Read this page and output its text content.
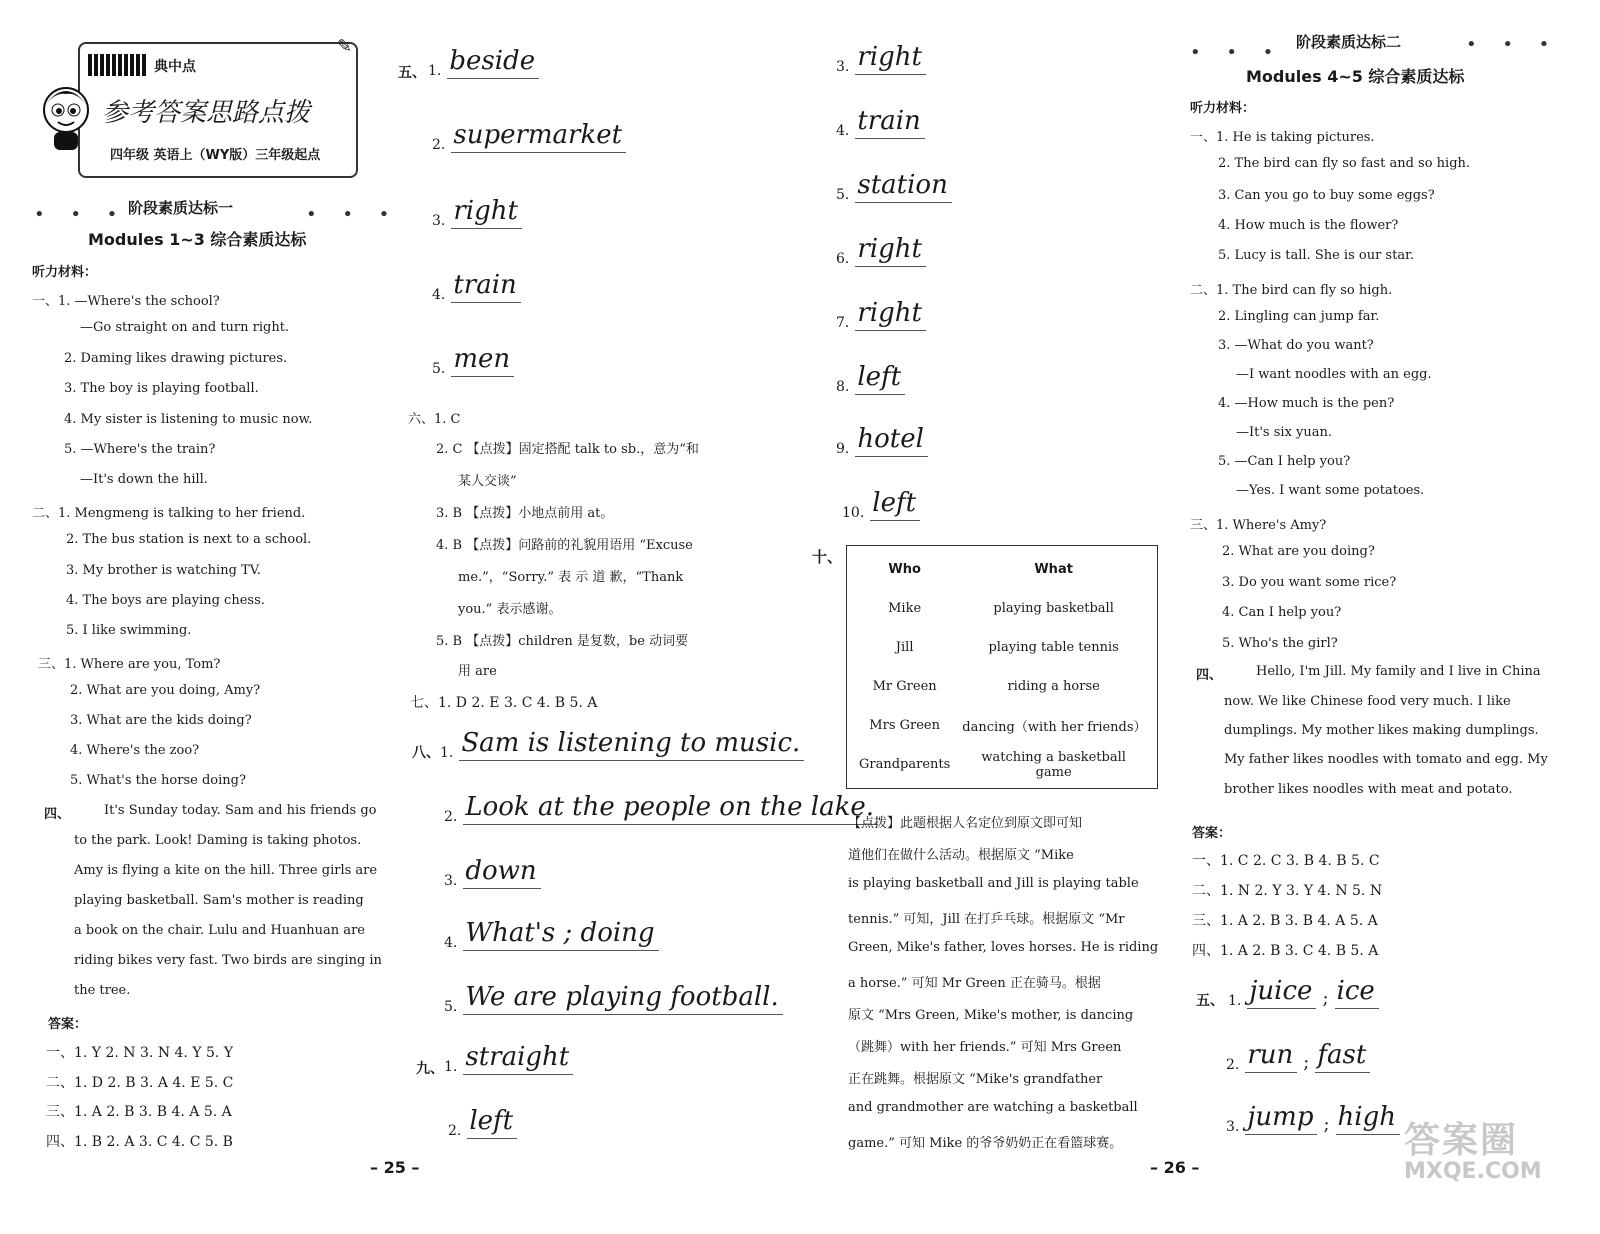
典中点
参考答案思路点拨
四年级 英语上（WY版）三年级起点
✎
• • •	• • •
阶段素质达标一
Modules 1~3 综合素质达标
听力材料：
一、1. —Where's the school?
—Go straight on and turn right.
2. Daming likes drawing pictures.
3. The boy is playing football.
4. My sister is listening to music now.
5. —Where's the train?
—It's down the hill.
二、1. Mengmeng is talking to her friend.
2. The bus station is next to a school.
3. My brother is watching TV.
4. The boys are playing chess.
5. I like swimming.
三、1. Where are you, Tom?
2. What are you doing, Amy?
3. What are the kids doing?
4. Where's the zoo?
5. What's the horse doing?
四、	It's Sunday today. Sam and his friends go
to the park. Look! Daming is taking photos.
Amy is flying a kite on the hill. Three girls are
playing basketball. Sam's mother is reading
a book on the chair. Lulu and Huanhuan are
riding bikes very fast. Two birds are singing in
the tree.
答案：
一、1. Y 2. N 3. N 4. Y 5. Y
二、1. D 2. B 3. A 4. E 5. C
三、1. A 2. B 3. B 4. A 5. A
四、1. B 2. A 3. C 4. C 5. B
五、 1. beside
2. supermarket
3. right
4. train
5. men
六、1. C
2. C 【点拨】固定搭配 talk to sb.，意为“和
某人交谈”
3. B 【点拨】小地点前用 at。
4. B 【点拨】问路前的礼貌用语用 “Excuse
me.”，“Sorry.” 表 示 道 歉，“Thank
you.” 表示感谢。
5. B 【点拨】children 是复数，be 动词要
用 are
七、1. D 2. E 3. C 4. B 5. A
八、 1. Sam is listening to music.
2. Look at the people on the lake.
3. down
4. What's ; doing
5. We are playing football.
九、 1. straight
2. left
– 25 –
3. right
4. train
5. station
6. right
7. right
8. left
9. hotel
10. left
十、
Who	What
Mike	playing basketball
Jill	playing table tennis
Mr Green	riding a horse
Mrs Green	dancing（with her friends）
Grandparents	watching a basketball game
【点拨】此题根据人名定位到原文即可知
道他们在做什么活动。根据原文 “Mike
is playing basketball and Jill is playing table
tennis.” 可知，Jill 在打乒乓球。根据原文 “Mr
Green, Mike's father, loves horses. He is riding
a horse.” 可知 Mr Green 正在骑马。根据
原文 “Mrs Green, Mike's mother, is dancing
（跳舞）with her friends.” 可知 Mrs Green
正在跳舞。根据原文 “Mike's grandfather
and grandmother are watching a basketball
game.” 可知 Mike 的爷爷奶奶正在看篮球赛。
– 26 –
• • •	• • •
阶段素质达标二
Modules 4~5 综合素质达标
听力材料：
一、1. He is taking pictures.
2. The bird can fly so fast and so high.
3. Can you go to buy some eggs?
4. How much is the flower?
5. Lucy is tall. She is our star.
二、1. The bird can fly so high.
2. Lingling can jump far.
3. —What do you want?
—I want noodles with an egg.
4. —How much is the pen?
—It's six yuan.
5. —Can I help you?
—Yes. I want some potatoes.
三、1. Where's Amy?
2. What are you doing?
3. Do you want some rice?
4. Can I help you?
5. Who's the girl?
四、	Hello, I'm Jill. My family and I live in China
now. We like Chinese food very much. I like
dumplings. My mother likes making dumplings.
My father likes noodles with tomato and egg. My
brother likes noodles with meat and potato.
答案：
一、1. C 2. C 3. B 4. B 5. C
二、1. N 2. Y 3. Y 4. N 5. N
三、1. A 2. B 3. B 4. A 5. A
四、1. A 2. B 3. C 4. B 5. A
五、 1. juice ; ice
2. run ; fast
3. jump ; high
答案圈
MXQE.COM
